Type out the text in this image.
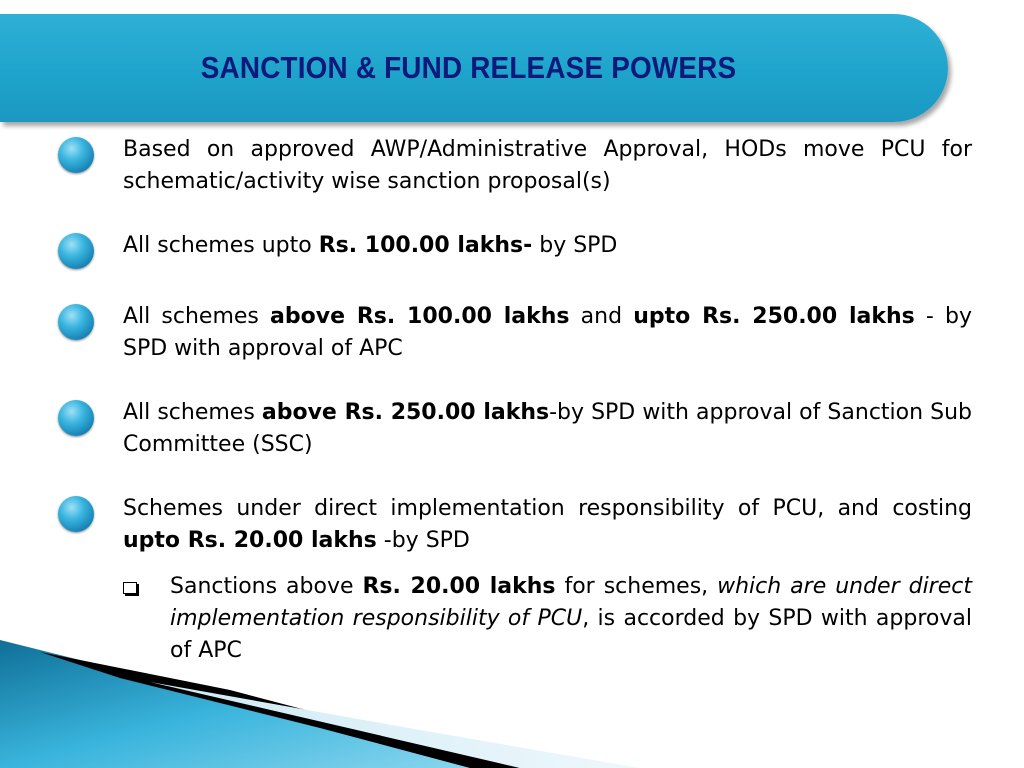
SANCTION & FUND RELEASE POWERS
Based on approved AWP/Administrative Approval, HODs move PCU for schematic/activity wise sanction proposal(s)
All schemes upto Rs. 100.00 lakhs- by SPD
All schemes above Rs. 100.00 lakhs and upto Rs. 250.00 lakhs - by SPD with approval of APC
All schemes above Rs. 250.00 lakhs-by SPD with approval of Sanction Sub Committee (SSC)
Schemes under direct implementation responsibility of PCU, and costing upto Rs. 20.00 lakhs -by SPD
Sanctions above Rs. 20.00 lakhs for schemes, which are under direct implementation responsibility of PCU, is accorded by SPD with approval of APC
